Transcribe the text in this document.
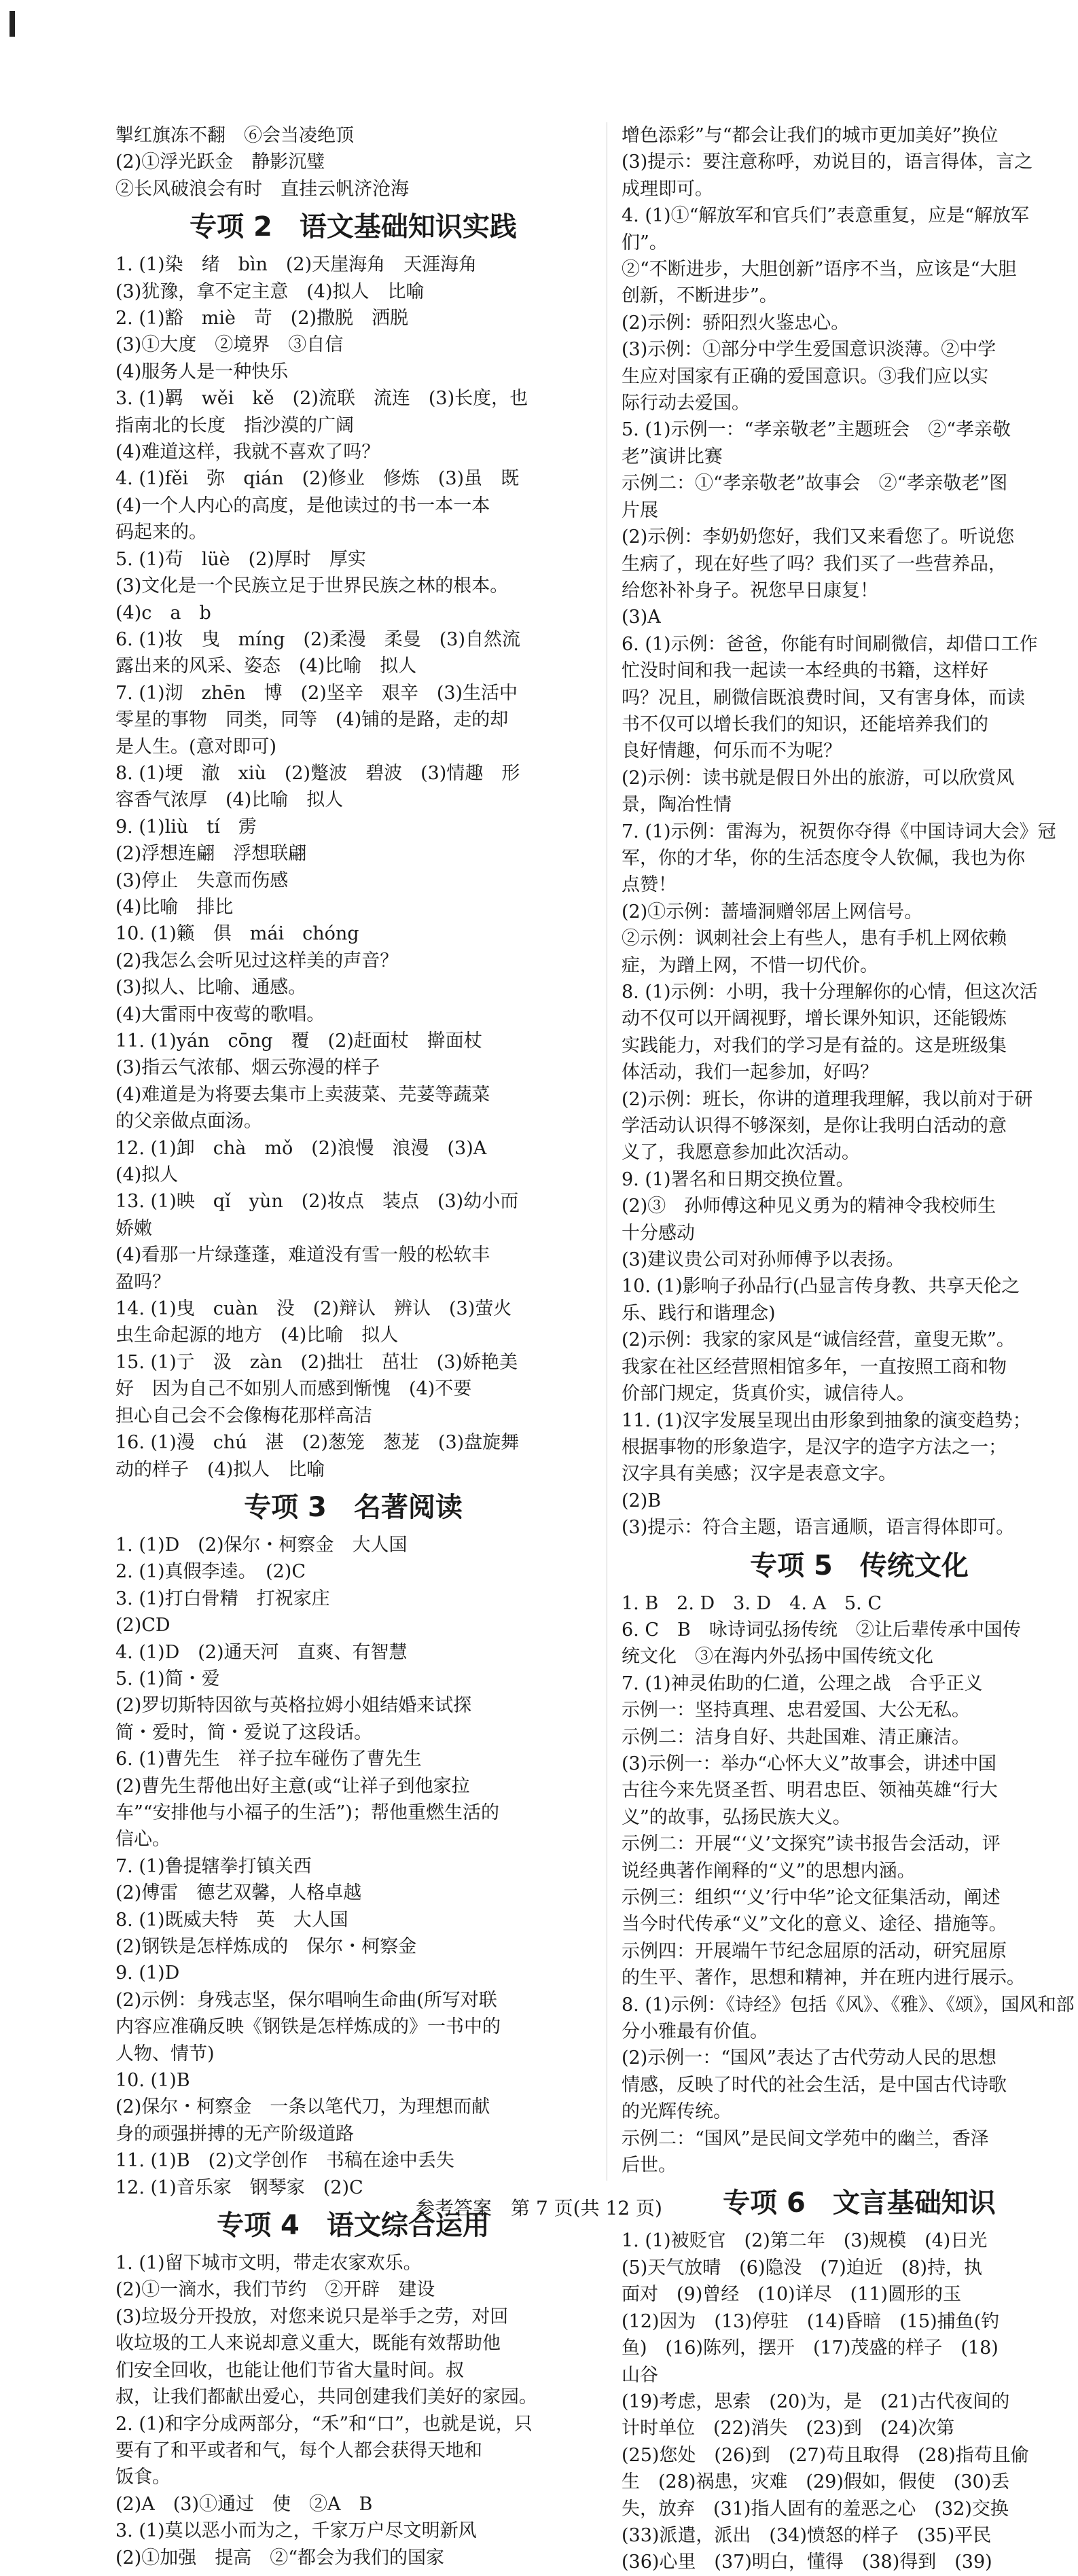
掣红旗冻不翻　⑥会当凌绝顶
(2)①浮光跃金　静影沉璧
②长风破浪会有时　直挂云帆济沧海
专项 2　语文基础知识实践
1. (1)染　绪　bìn　(2)天崖海角　天涯海角
(3)犹豫，拿不定主意　(4)拟人　比喻
2. (1)豁　miè　苛　(2)撒脱　洒脱
(3)①大度　②境界　③自信
(4)服务人是一种快乐
3. (1)羁　wěi　kě　(2)流联　流连　(3)长度，也
指南北的长度　指沙漠的广阔
(4)难道这样，我就不喜欢了吗？
4. (1)fěi　弥　qián　(2)修业　修炼　(3)虽　既
(4)一个人内心的高度，是他读过的书一本一本
码起来的。
5. (1)苟　lüè　(2)厚时　厚实
(3)文化是一个民族立足于世界民族之林的根本。
(4)c　a　b
6. (1)妆　曳　míng　(2)柔漫　柔曼　(3)自然流
露出来的风采、姿态　(4)比喻　拟人
7. (1)沏　zhēn　博　(2)坚辛　艰辛　(3)生活中
零星的事物　同类，同等　(4)铺的是路，走的却
是人生。(意对即可)
8. (1)埂　澈　xiù　(2)蹩波　碧波　(3)情趣　形
容香气浓厚　(4)比喻　拟人
9. (1)liù　tí　雳
(2)浮想连翩　浮想联翩
(3)停止　失意而伤感
(4)比喻　排比
10. (1)籁　俱　mái　chóng
(2)我怎么会听见过这样美的声音？
(3)拟人、比喻、通感。
(4)大雷雨中夜莺的歌唱。
11. (1)yán　cōng　覆　(2)赶面杖　擀面杖
(3)指云气浓郁、烟云弥漫的样子
(4)难道是为将要去集市上卖菠菜、芫荽等蔬菜
的父亲做点面汤。
12. (1)卸　chà　mǒ　(2)浪慢　浪漫　(3)A
(4)拟人
13. (1)映　qǐ　yùn　(2)妆点　装点　(3)幼小而
娇嫩
(4)看那一片绿蓬蓬，难道没有雪一般的松软丰
盈吗？
14. (1)曳　cuàn　没　(2)辩认　辨认　(3)萤火
虫生命起源的地方　(4)比喻　拟人
15. (1)亍　汲　zàn　(2)拙壮　茁壮　(3)娇艳美
好　因为自己不如别人而感到惭愧　(4)不要
担心自己会不会像梅花那样高洁
16. (1)漫　chú　湛　(2)葱笼　葱茏　(3)盘旋舞
动的样子　(4)拟人　比喻
专项 3　名著阅读
1. (1)D　(2)保尔・柯察金　大人国
2. (1)真假李逵。　(2)C
3. (1)打白骨精　打祝家庄
(2)CD
4. (1)D　(2)通天河　直爽、有智慧
5. (1)简・爱
(2)罗切斯特因欲与英格拉姆小姐结婚来试探
简・爱时，简・爱说了这段话。
6. (1)曹先生　祥子拉车碰伤了曹先生
(2)曹先生帮他出好主意(或“让祥子到他家拉
车”“安排他与小福子的生活”)；帮他重燃生活的
信心。
7. (1)鲁提辖拳打镇关西
(2)傅雷　德艺双馨，人格卓越
8. (1)既威夫特　英　大人国
(2)钢铁是怎样炼成的　保尔・柯察金
9. (1)D
(2)示例：身残志坚，保尔唱响生命曲(所写对联
内容应准确反映《钢铁是怎样炼成的》一书中的
人物、情节)
10. (1)B
(2)保尔・柯察金　一条以笔代刀，为理想而献
身的顽强拼搏的无产阶级道路
11. (1)B　(2)文学创作　书稿在途中丢失
12. (1)音乐家　钢琴家　(2)C
专项 4　语文综合运用
1. (1)留下城市文明，带走农家欢乐。
(2)①一滴水，我们节约　②开辟　建设
(3)垃圾分开投放，对您来说只是举手之劳，对回
收垃圾的工人来说却意义重大，既能有效帮助他
们安全回收，也能让他们节省大量时间。叔
叔，让我们都献出爱心，共同创建我们美好的家园。
2. (1)和字分成两部分，“禾”和“口”，也就是说，只
要有了和平或者和气，每个人都会获得天地和
饭食。
(2)A　(3)①通过　使　②A　B
3. (1)莫以恶小而为之，千家万户尽文明新风
(2)①加强　提高　②“都会为我们的国家
增色添彩”与“都会让我们的城市更加美好”换位
(3)提示：要注意称呼，劝说目的，语言得体，言之
成理即可。
4. (1)①“解放军和官兵们”表意重复，应是“解放军
们”。
②“不断进步，大胆创新”语序不当，应该是“大胆
创新，不断进步”。
(2)示例：骄阳烈火鉴忠心。
(3)示例：①部分中学生爱国意识淡薄。②中学
生应对国家有正确的爱国意识。③我们应以实
际行动去爱国。
5. (1)示例一：“孝亲敬老”主题班会　②“孝亲敬
老”演讲比赛
示例二：①“孝亲敬老”故事会　②“孝亲敬老”图
片展
(2)示例：李奶奶您好，我们又来看您了。听说您
生病了，现在好些了吗？我们买了一些营养品，
给您补补身子。祝您早日康复！
(3)A
6. (1)示例：爸爸，你能有时间刷微信，却借口工作
忙没时间和我一起读一本经典的书籍，这样好
吗？况且，刷微信既浪费时间，又有害身体，而读
书不仅可以增长我们的知识，还能培养我们的
良好情趣，何乐而不为呢？
(2)示例：读书就是假日外出的旅游，可以欣赏风
景，陶冶性情
7. (1)示例：雷海为，祝贺你夺得《中国诗词大会》冠
军，你的才华，你的生活态度令人钦佩，我也为你
点赞！
(2)①示例：蔷墙洞赠邻居上网信号。
②示例：讽刺社会上有些人，患有手机上网依赖
症，为蹭上网，不惜一切代价。
8. (1)示例：小明，我十分理解你的心情，但这次活
动不仅可以开阔视野，增长课外知识，还能锻炼
实践能力，对我们的学习是有益的。这是班级集
体活动，我们一起参加，好吗？
(2)示例：班长，你讲的道理我理解，我以前对于研
学活动认识得不够深刻，是你让我明白活动的意
义了，我愿意参加此次活动。
9. (1)署名和日期交换位置。
(2)③　孙师傅这种见义勇为的精神令我校师生
十分感动
(3)建议贵公司对孙师傅予以表扬。
10. (1)影响子孙品行(凸显言传身教、共享天伦之
乐、践行和谐理念)
(2)示例：我家的家风是“诚信经营，童叟无欺”。
我家在社区经营照相馆多年，一直按照工商和物
价部门规定，货真价实，诚信待人。
11. (1)汉字发展呈现出由形象到抽象的演变趋势；
根据事物的形象造字，是汉字的造字方法之一；
汉字具有美感；汉字是表意文字。
(2)B
(3)提示：符合主题，语言通顺，语言得体即可。
专项 5　传统文化
1. B　2. D　3. D　4. A　5. C
6. C　B　咏诗词弘扬传统　②让后辈传承中国传
统文化　③在海内外弘扬中国传统文化
7. (1)神灵佑助的仁道，公理之战　合乎正义
示例一：坚持真理、忠君爱国、大公无私。
示例二：洁身自好、共赴国难、清正廉洁。
(3)示例一：举办“心怀大义”故事会，讲述中国
古往今来先贤圣哲、明君忠臣、领袖英雄“行大
义”的故事，弘扬民族大义。
示例二：开展“‘义’文探究”读书报告会活动，评
说经典著作阐释的“义”的思想内涵。
示例三：组织“‘义’行中华”论文征集活动，阐述
当今时代传承“义”文化的意义、途径、措施等。
示例四：开展端午节纪念屈原的活动，研究屈原
的生平、著作，思想和精神，并在班内进行展示。
8. (1)示例：《诗经》包括《风》、《雅》、《颂》，国风和部
分小雅最有价值。
(2)示例一：“国风”表达了古代劳动人民的思想
情感，反映了时代的社会生活，是中国古代诗歌
的光辉传统。
示例二：“国风”是民间文学苑中的幽兰，香泽
后世。
专项 6　文言基础知识
1. (1)被贬官　(2)第二年　(3)规模　(4)日光
(5)天气放晴　(6)隐没　(7)迫近　(8)持，执
面对　(9)曾经　(10)详尽　(11)圆形的玉
(12)因为　(13)停驻　(14)昏暗　(15)捕鱼(钓
鱼)　(16)陈列，摆开　(17)茂盛的样子　(18)
山谷
(19)考虑，思索　(20)为，是　(21)古代夜间的
计时单位　(22)消失　(23)到　(24)次第
(25)您处　(26)到　(27)苟且取得　(28)指苟且偷
生　(28)祸患，灾难　(29)假如，假使　(30)丢
失，放弃　(31)指人固有的羞恶之心　(32)交换
(33)派遣，派出　(34)愤怒的样子　(35)平民
(36)心里　(37)明白，懂得　(38)得到　(39)
参考答案　第 7 页(共 12 页)
